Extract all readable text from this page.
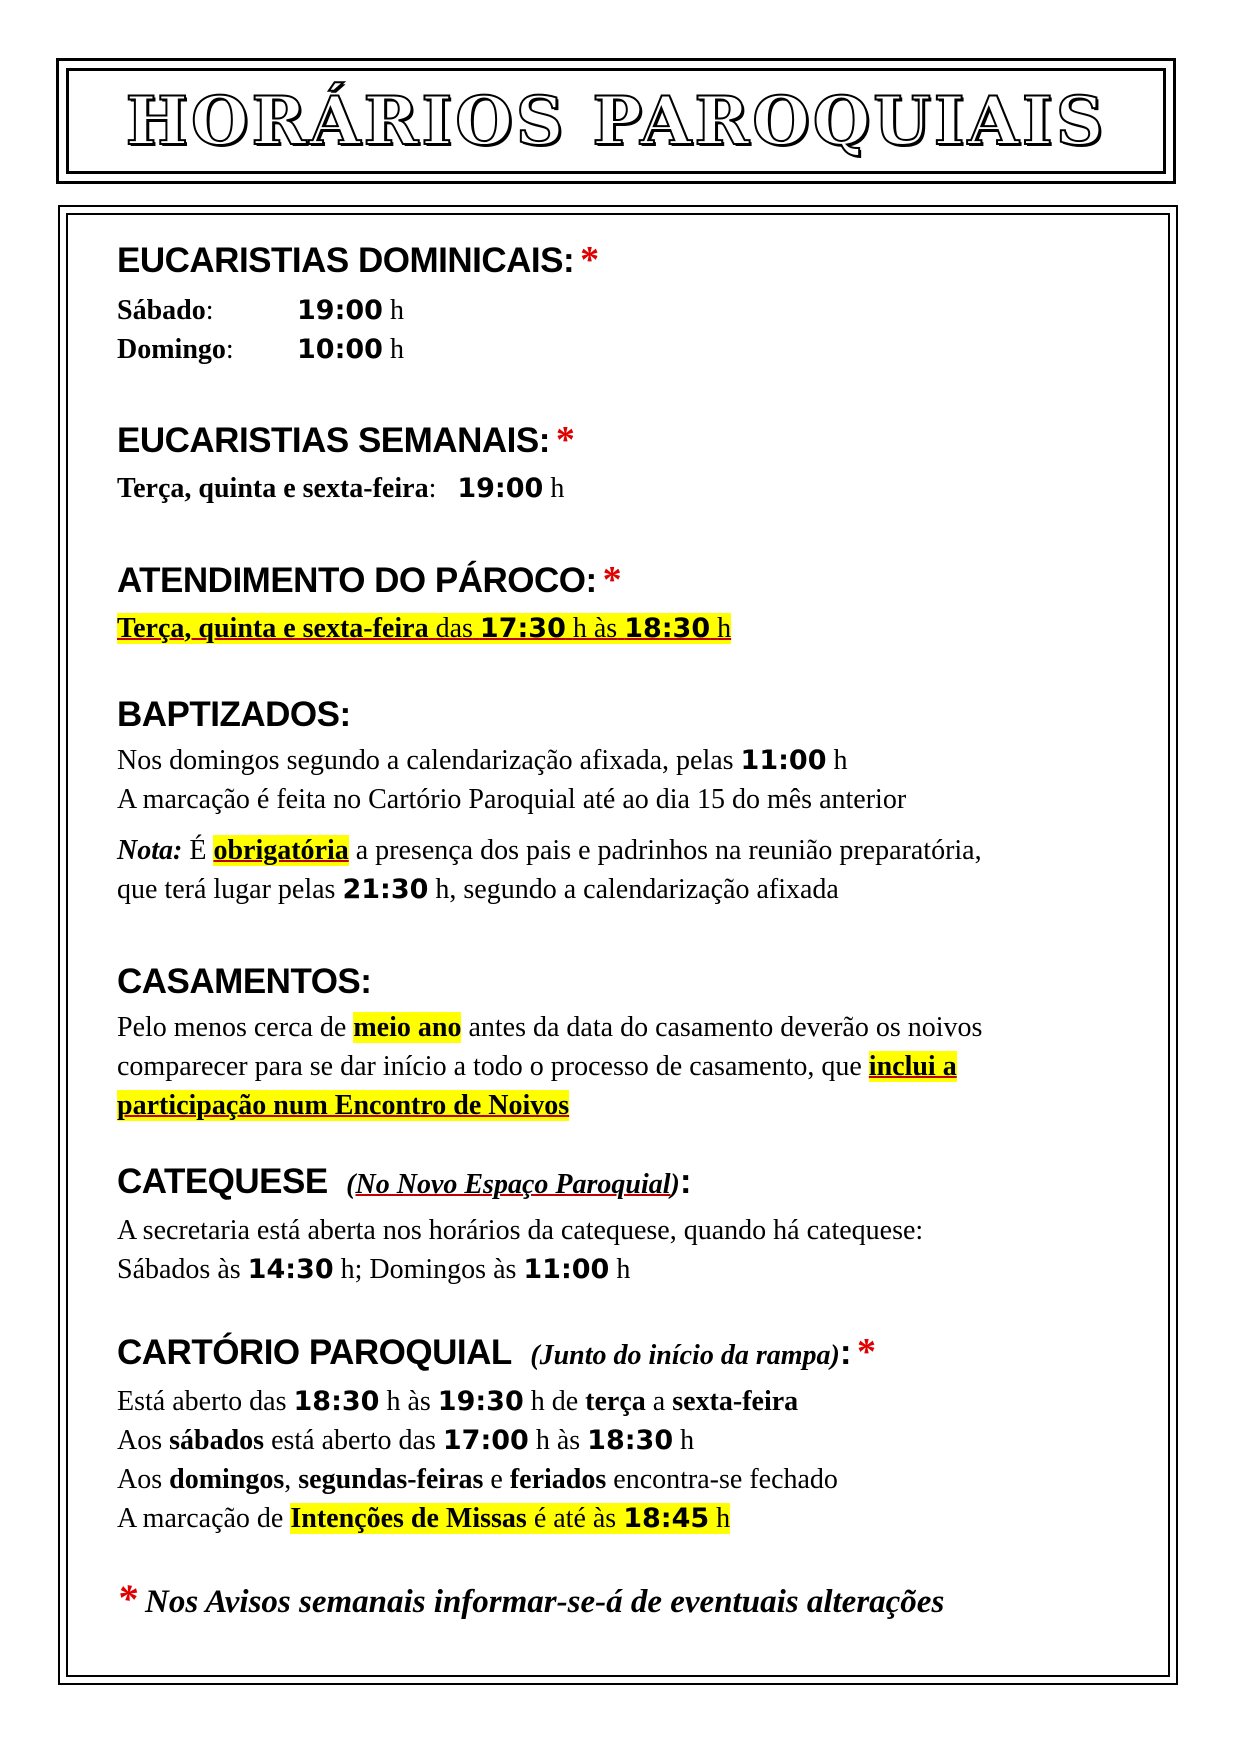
HORÁRIOS PAROQUIAIS
EUCARISTIAS DOMINICAIS: *
Sábado:	19:00 h
Domingo: 10:00 h
EUCARISTIAS SEMANAIS: *
Terça, quinta e sexta-feira:   19:00 h
ATENDIMENTO DO PÁROCO: *
Terça, quinta e sexta-feira das 17:30 h às 18:30 h
BAPTIZADOS:
Nos domingos segundo a calendarização afixada, pelas 11:00 h
A marcação é feita no Cartório Paroquial até ao dia 15 do mês anterior
Nota: É obrigatória a presença dos pais e padrinhos na reunião preparatória,
que terá lugar pelas 21:30 h, segundo a calendarização afixada
CASAMENTOS:
Pelo menos cerca de meio ano antes da data do casamento deverão os noivos
comparecer para se dar início a todo o processo de casamento, que inclui a
participação num Encontro de Noivos
CATEQUESE (No Novo Espaço Paroquial):
A secretaria está aberta nos horários da catequese, quando há catequese:
Sábados às 14:30 h; Domingos às 11:00 h
CARTÓRIO PAROQUIAL (Junto do início da rampa): *
Está aberto das 18:30 h às 19:30 h de terça a sexta-feira
Aos sábados está aberto das 17:00 h às 18:30 h
Aos domingos, segundas-feiras e feriados encontra-se fechado
A marcação de Intenções de Missas é até às 18:45 h
* Nos Avisos semanais informar-se-á de eventuais alterações
